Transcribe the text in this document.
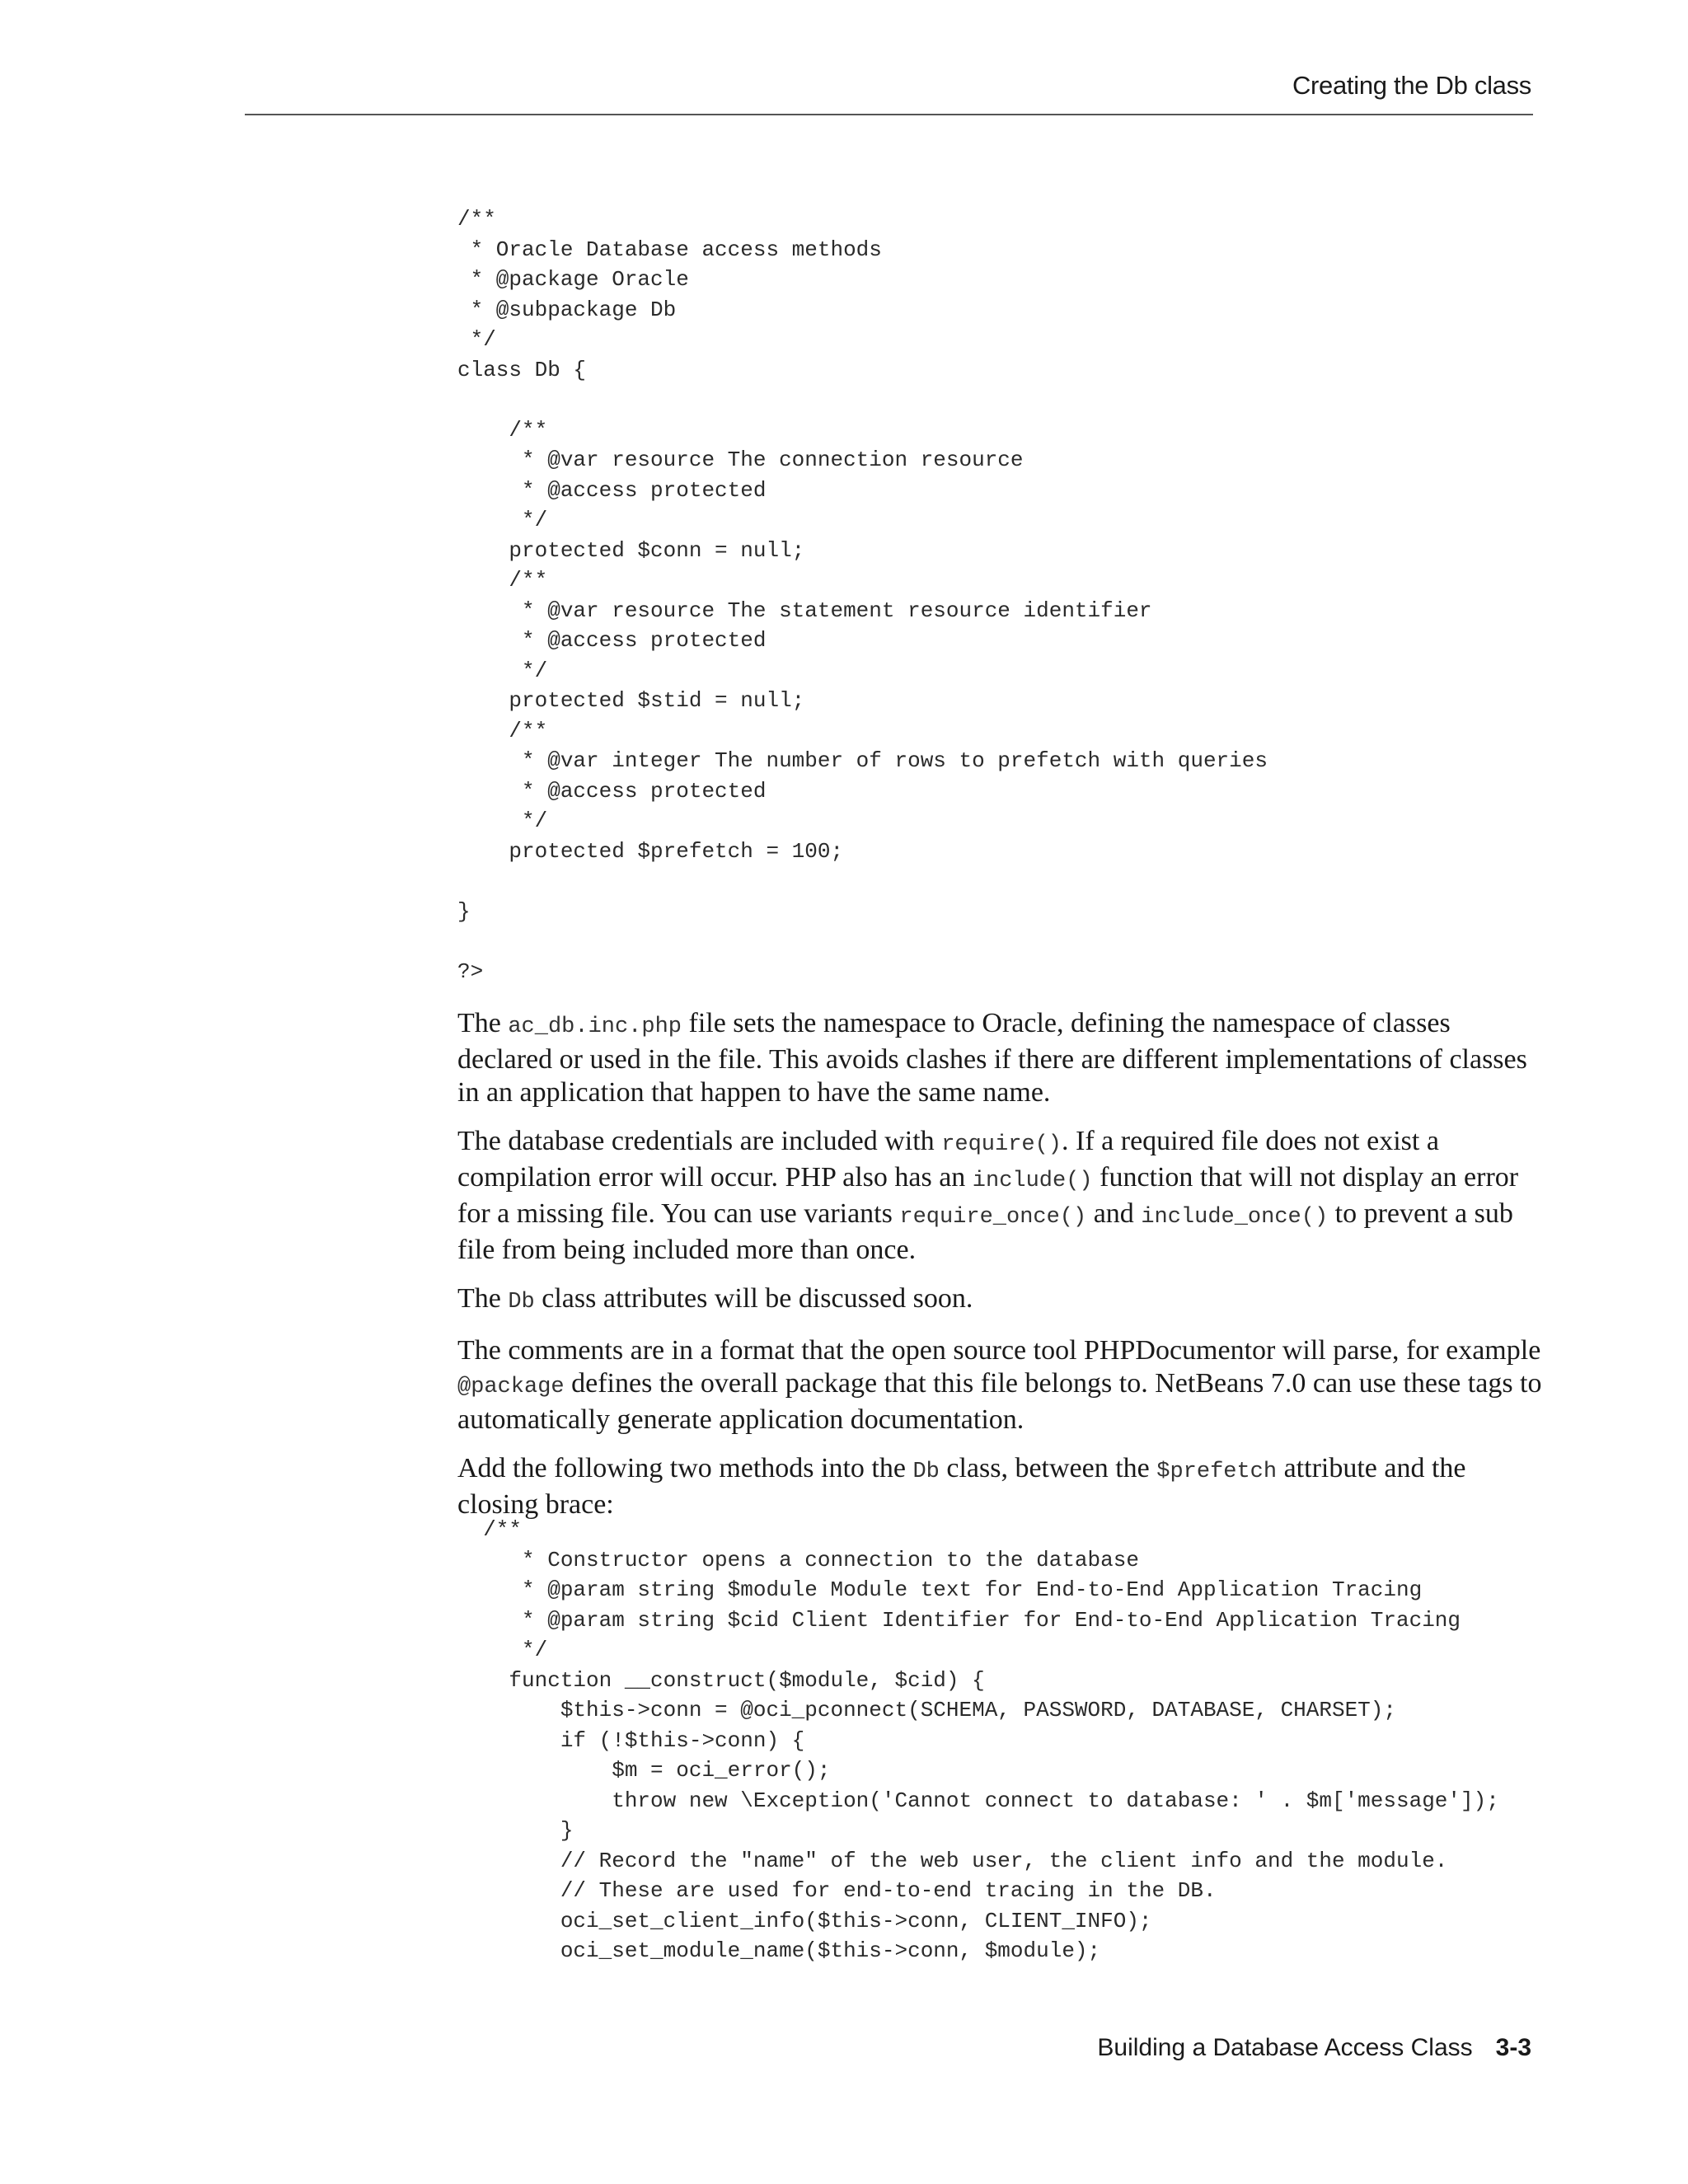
Creating the Db class
/**
* Oracle Database access methods
* @package Oracle
* @subpackage Db
*/
class Db {

/**
* @var resource The connection resource
* @access protected
*/
protected $conn = null;
/**
* @var resource The statement resource identifier
* @access protected
*/
protected $stid = null;
/**
* @var integer The number of rows to prefetch with queries
* @access protected
*/
protected $prefetch = 100;

}

?>

The ac_db.inc.php file sets the namespace to Oracle, defining the namespace of classes declared or used in the file. This avoids clashes if there are different implementations of classes in an application that happen to have the same name.

The database credentials are included with require(). If a required file does not exist a compilation error will occur. PHP also has an include() function that will not display an error for a missing file. You can use variants require_once() and include_once() to prevent a sub file from being included more than once.

The Db class attributes will be discussed soon.

The comments are in a format that the open source tool PHPDocumentor will parse, for example @package defines the overall package that this file belongs to. NetBeans 7.0 can use these tags to automatically generate application documentation.

Add the following two methods into the Db class, between the $prefetch attribute and the closing brace:

/**
* Constructor opens a connection to the database
* @param string $module Module text for End-to-End Application Tracing
* @param string $cid Client Identifier for End-to-End Application Tracing
*/
function __construct($module, $cid) {
$this->conn = @oci_pconnect(SCHEMA, PASSWORD, DATABASE, CHARSET);
if (!$this->conn) {
$m = oci_error();
throw new \Exception('Cannot connect to database: ' . $m['message']);
}
// Record the "name" of the web user, the client info and the module.
// These are used for end-to-end tracing in the DB.
oci_set_client_info($this->conn, CLIENT_INFO);
oci_set_module_name($this->conn, $module);
Building a Database Access Class 3-3
